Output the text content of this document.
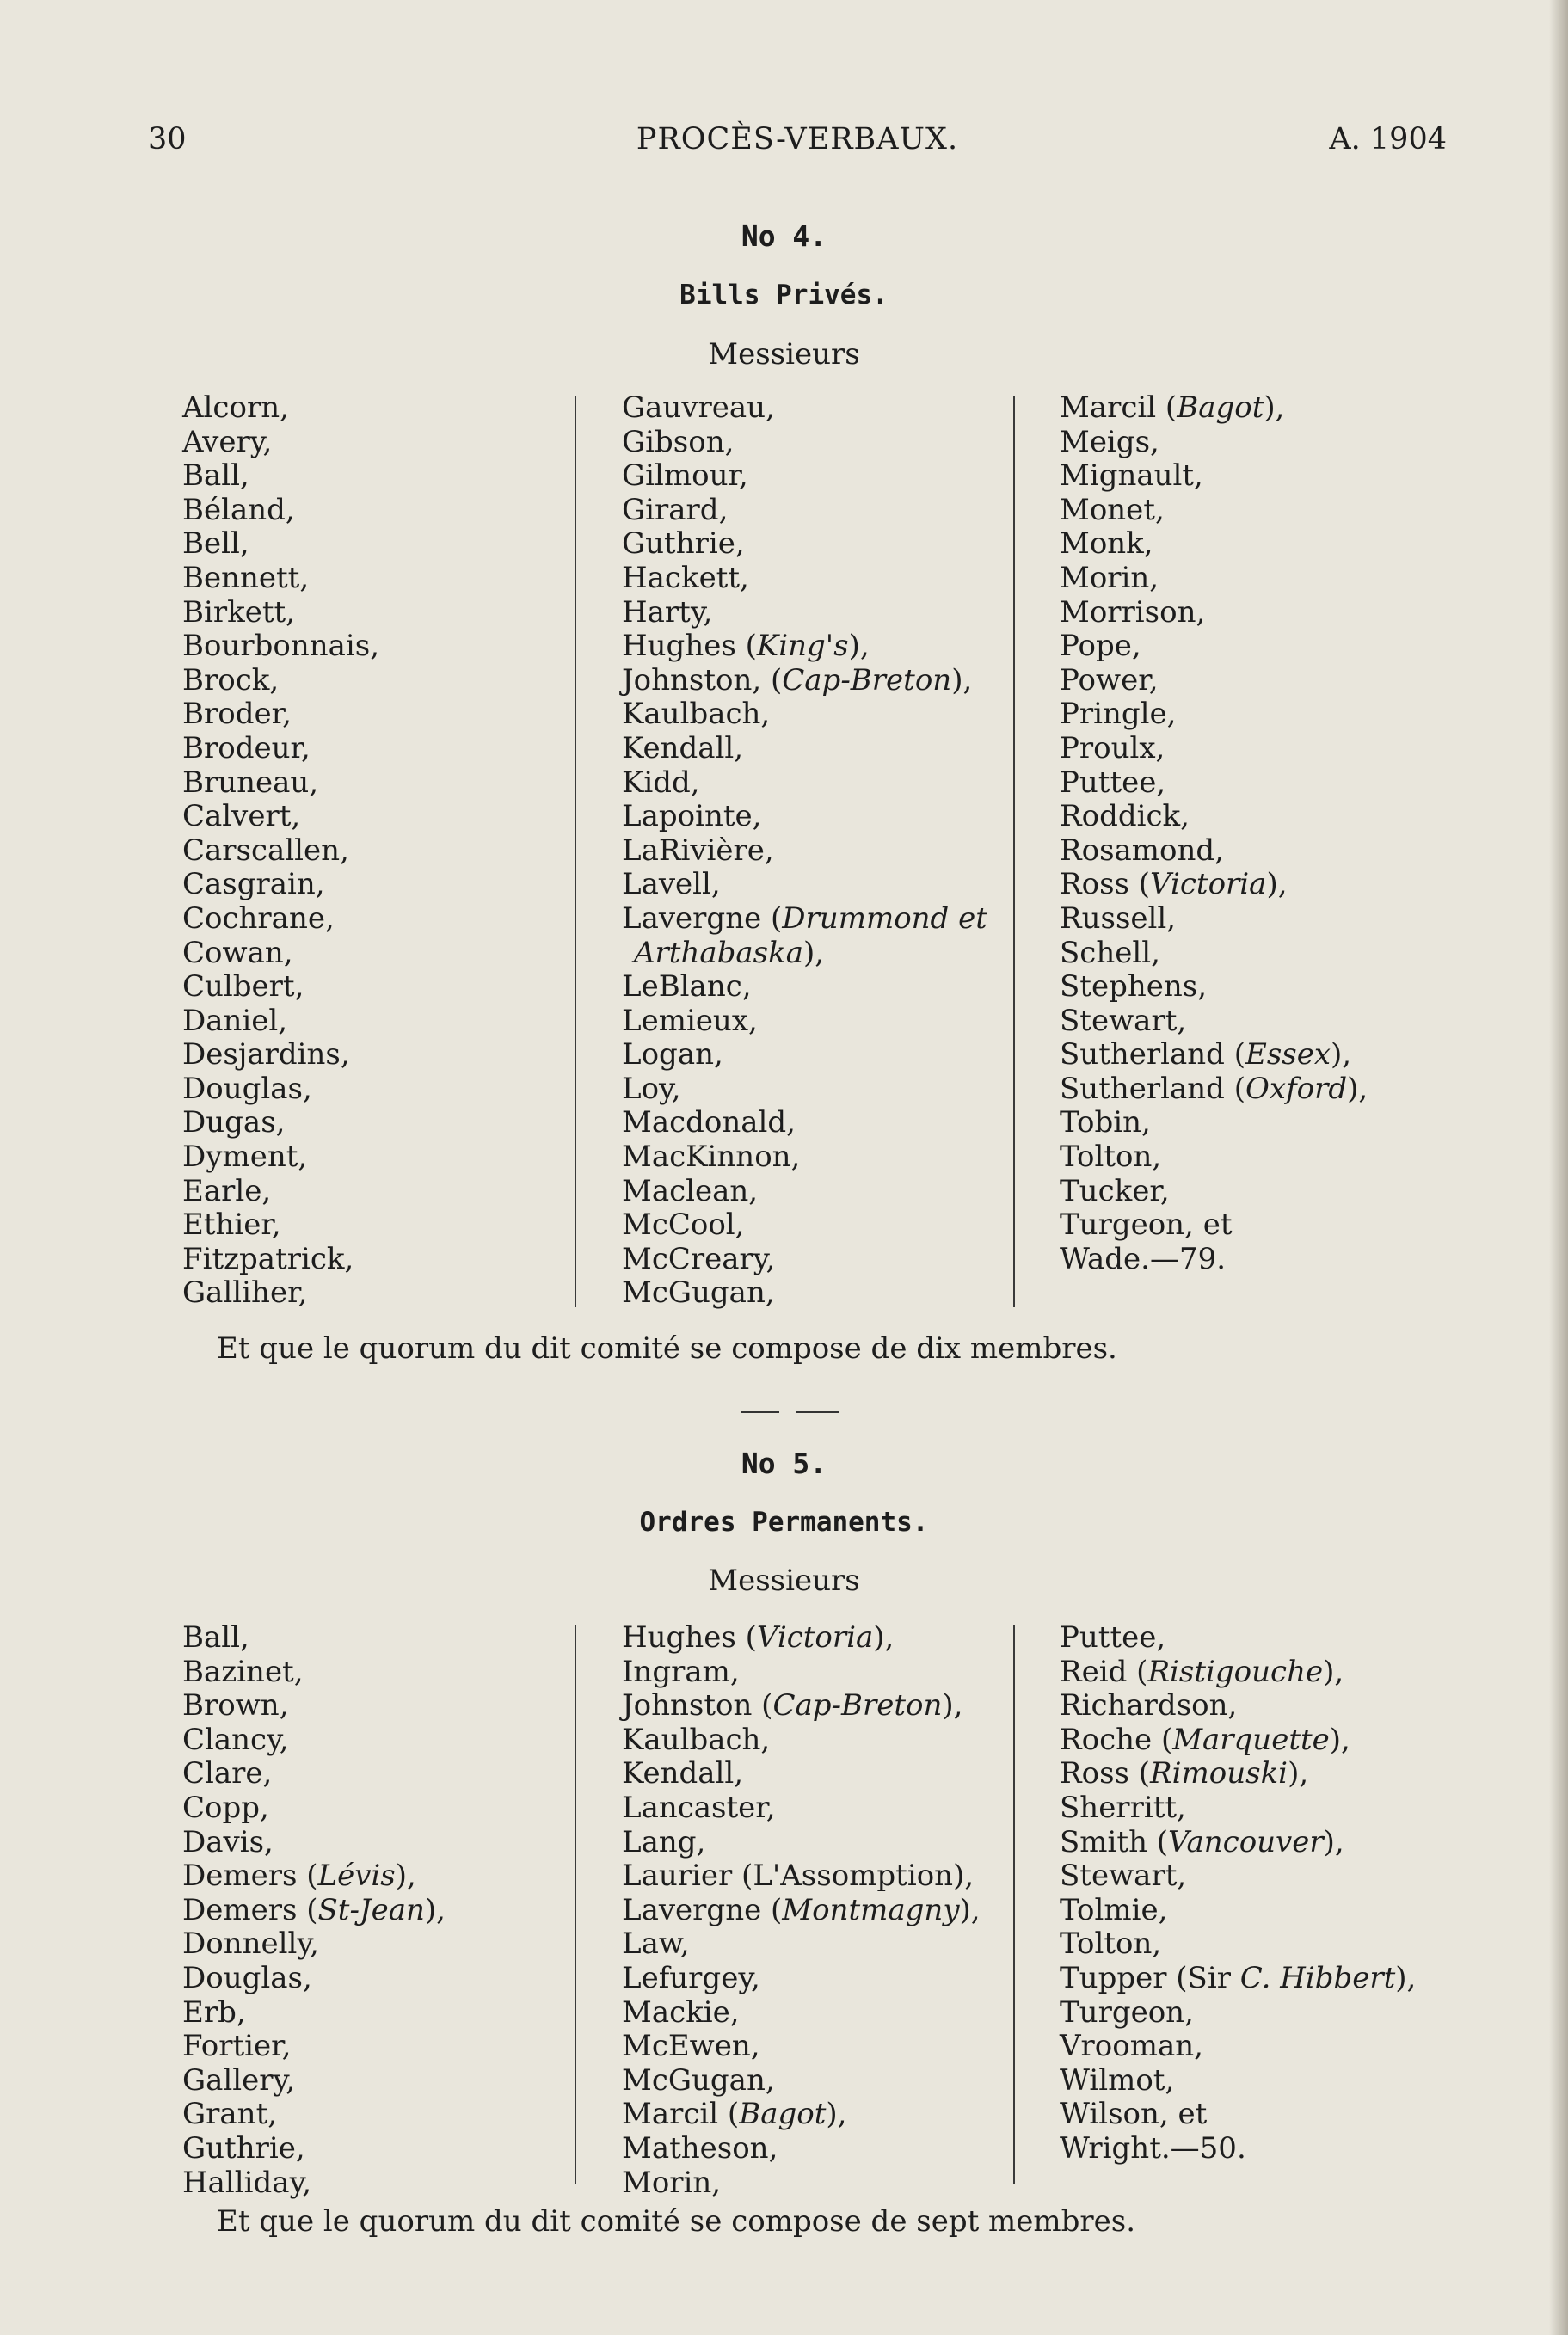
30	PROCÈS-VERBAUX.	A. 1904
No 4.
Bills Privés.
Messieurs
Alcorn,
Avery,
Ball,
Béland,
Bell,
Bennett,
Birkett,
Bourbonnais,
Brock,
Broder,
Brodeur,
Bruneau,
Calvert,
Carscallen,
Casgrain,
Cochrane,
Cowan,
Culbert,
Daniel,
Desjardins,
Douglas,
Dugas,
Dyment,
Earle,
Ethier,
Fitzpatrick,
Galliher,
Gauvreau,
Gibson,
Gilmour,
Girard,
Guthrie,
Hackett,
Harty,
Hughes (King's),
Johnston, (Cap-Breton),
Kaulbach,
Kendall,
Kidd,
Lapointe,
LaRivière,
Lavell,
Lavergne (Drummond et
Arthabaska),
LeBlanc,
Lemieux,
Logan,
Loy,
Macdonald,
MacKinnon,
Maclean,
McCool,
McCreary,
McGugan,
Marcil (Bagot),
Meigs,
Mignault,
Monet,
Monk,
Morin,
Morrison,
Pope,
Power,
Pringle,
Proulx,
Puttee,
Roddick,
Rosamond,
Ross (Victoria),
Russell,
Schell,
Stephens,
Stewart,
Sutherland (Essex),
Sutherland (Oxford),
Tobin,
Tolton,
Tucker,
Turgeon, et
Wade.—79.
Et que le quorum du dit comité se compose de dix membres.
No 5.
Ordres Permanents.
Messieurs
Ball,
Bazinet,
Brown,
Clancy,
Clare,
Copp,
Davis,
Demers (Lévis),
Demers (St-Jean),
Donnelly,
Douglas,
Erb,
Fortier,
Gallery,
Grant,
Guthrie,
Halliday,
Hughes (Victoria),
Ingram,
Johnston (Cap-Breton),
Kaulbach,
Kendall,
Lancaster,
Lang,
Laurier (L'Assomption),
Lavergne (Montmagny),
Law,
Lefurgey,
Mackie,
McEwen,
McGugan,
Marcil (Bagot),
Matheson,
Morin,
Puttee,
Reid (Ristigouche),
Richardson,
Roche (Marquette),
Ross (Rimouski),
Sherritt,
Smith (Vancouver),
Stewart,
Tolmie,
Tolton,
Tupper (Sir C. Hibbert),
Turgeon,
Vrooman,
Wilmot,
Wilson, et
Wright.—50.
Et que le quorum du dit comité se compose de sept membres.
